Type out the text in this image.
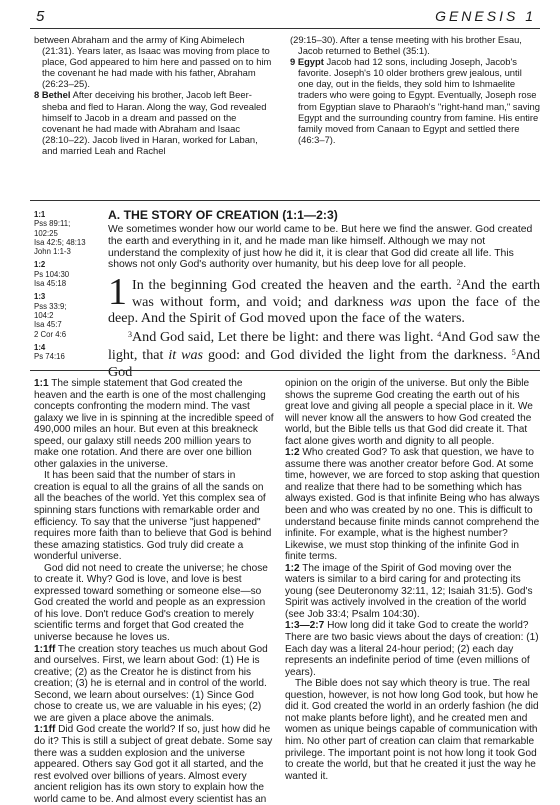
5	GENESIS 1

between Abraham and the army of King Abimelech (21:31). Years later, as Isaac was moving from place to place, God appeared to him here and passed on to him the covenant he had made with his father, Abraham (26:23–25).

8 Bethel After deceiving his brother, Jacob left Beer-sheba and fled to Haran. Along the way, God revealed himself to Jacob in a dream and passed on the covenant he had made with Abraham and Isaac (28:10–22). Jacob lived in Haran, worked for Laban, and married Leah and Rachel

(29:15–30). After a tense meeting with his brother Esau, Jacob returned to Bethel (35:1).

9 Egypt Jacob had 12 sons, including Joseph, Jacob's favorite. Joseph's 10 older brothers grew jealous, until one day, out in the fields, they sold him to Ishmaelite traders who were going to Egypt. Eventually, Joseph rose from Egyptian slave to Pharaoh's "right-hand man," saving Egypt and the surrounding country from famine. His entire family moved from Canaan to Egypt and settled there (46:3–7).

1:1
Pss 89:11;
102:25
Isa 42:5; 48:13
John 1:1-3
1:2
Ps 104:30
Isa 45:18
1:3
Pss 33:9;
104:2
Isa 45:7
2 Cor 4:6
1:4
Ps 74:16
A. THE STORY OF CREATION (1:1—2:3)
We sometimes wonder how our world came to be. But here we find the answer. God created the earth and everything in it, and he made man like himself. Although we may not understand the complexity of just how he did it, it is clear that God did create all life. This shows not only God's authority over humanity, but his deep love for all people.

1 In the beginning God created the heaven and the earth. $^2$And the earth was without form, and void; and darkness was upon the face of the deep. And the Spirit of God moved upon the face of the waters.

$^3$And God said, Let there be light: and there was light. $^4$And God saw the light, that it was good: and God divided the light from the darkness. $^5$And God

1:1 The simple statement that God created the heaven and the earth is one of the most challenging concepts confronting the modern mind. The vast galaxy we live in is spinning at the incredible speed of 490,000 miles an hour. But even at this breakneck speed, our galaxy still needs 200 million years to make one rotation. And there are over one billion other galaxies in the universe.

It has been said that the number of stars in creation is equal to all the grains of all the sands on all the beaches of the world. Yet this complex sea of spinning stars functions with remarkable order and efficiency. To say that the universe "just happened" requires more faith than to believe that God is behind these amazing statistics. God truly did create a wonderful universe.

God did not need to create the universe; he chose to create it. Why? God is love, and love is best expressed toward something or someone else—so God created the world and people as an expression of his love. Don't reduce God's creation to merely scientific terms and forget that God created the universe because he loves us.

1:1ff The creation story teaches us much about God and ourselves. First, we learn about God: (1) He is creative; (2) as the Creator he is distinct from his creation; (3) he is eternal and in control of the world. Second, we learn about ourselves: (1) Since God chose to create us, we are valuable in his eyes; (2) we are given a place above the animals.

1:1ff Did God create the world? If so, just how did he do it? This is still a subject of great debate. Some say there was a sudden explosion and the universe appeared. Others say God got it all started, and the rest evolved over billions of years. Almost every ancient religion has its own story to explain how the world came to be. And almost every scientist has an

opinion on the origin of the universe. But only the Bible shows the supreme God creating the earth out of his great love and giving all people a special place in it. We will never know all the answers to how God created the world, but the Bible tells us that God did create it. That fact alone gives worth and dignity to all people.

1:2 Who created God? To ask that question, we have to assume there was another creator before God. At some time, however, we are forced to stop asking that question and realize that there had to be something which has always existed. God is that infinite Being who has always been and who was created by no one. This is difficult to understand because finite minds cannot comprehend the infinite. For example, what is the highest number? Likewise, we must stop thinking of the infinite God in finite terms.

1:2 The image of the Spirit of God moving over the waters is similar to a bird caring for and protecting its young (see Deuteronomy 32:11, 12; Isaiah 31:5). God's Spirit was actively involved in the creation of the world (see Job 33:4; Psalm 104:30).

1:3—2:7 How long did it take God to create the world? There are two basic views about the days of creation: (1) Each day was a literal 24-hour period; (2) each day represents an indefinite period of time (even millions of years).

The Bible does not say which theory is true. The real question, however, is not how long God took, but how he did it. God created the world in an orderly fashion (he did not make plants before light), and he created men and women as unique beings capable of communication with him. No other part of creation can claim that remarkable privilege. The important point is not how long it took God to create the world, but that he created it just the way he wanted it.
